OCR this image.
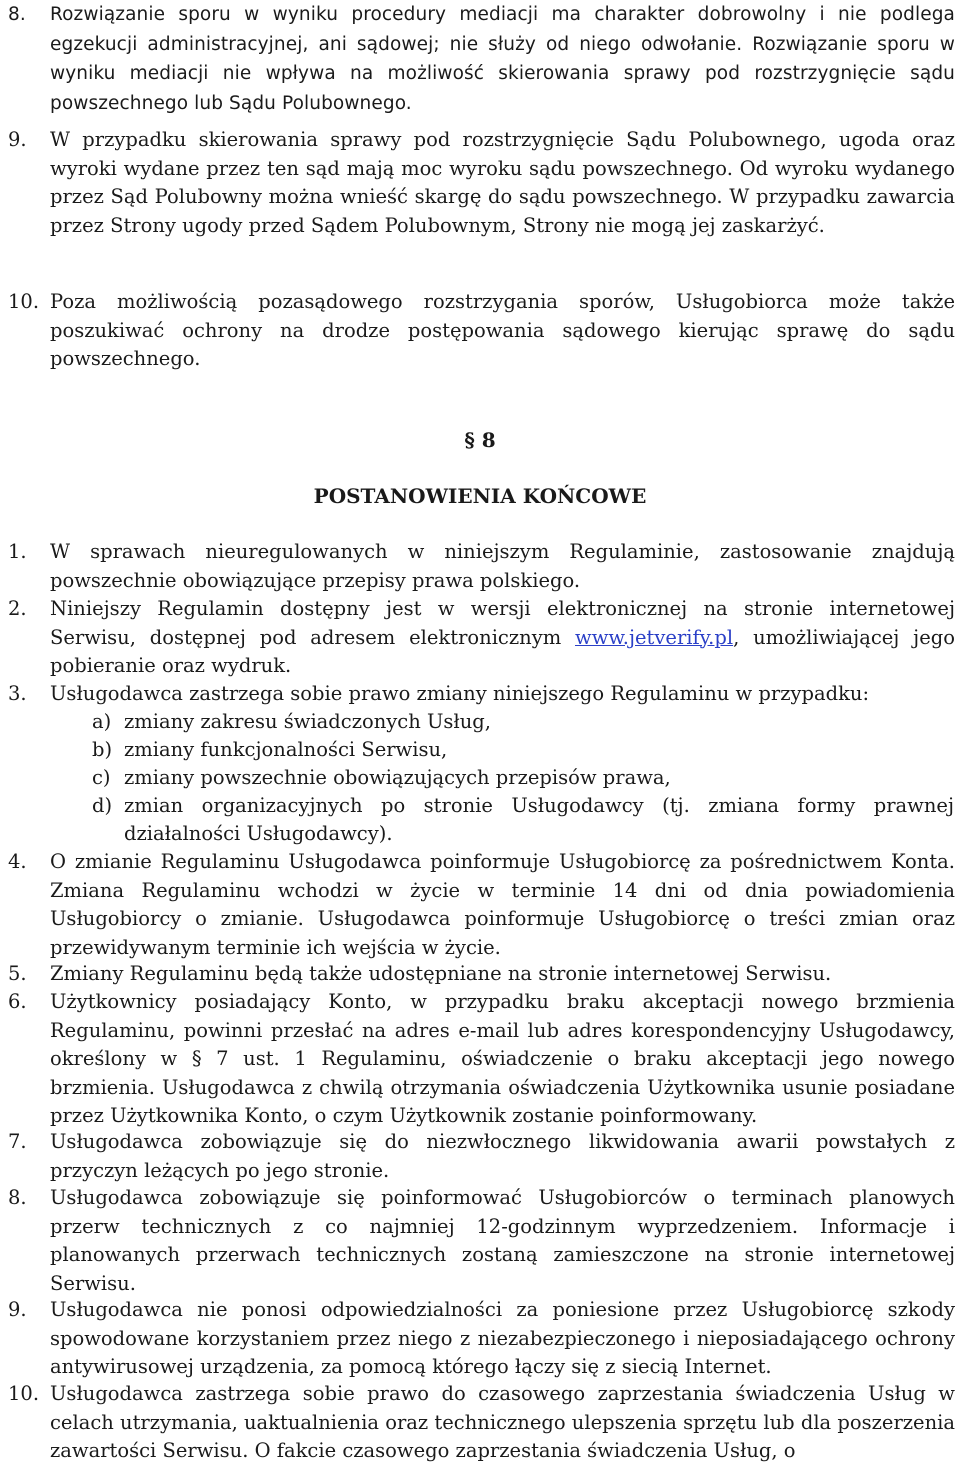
8. Rozwiązanie sporu w wyniku procedury mediacji ma charakter dobrowolny i nie podlega egzekucji administracyjnej, ani sądowej; nie służy od niego odwołanie. Rozwiązanie sporu w wyniku mediacji nie wpływa na możliwość skierowania sprawy pod rozstrzygnięcie sądu powszechnego lub Sądu Polubownego.
9. W przypadku skierowania sprawy pod rozstrzygnięcie Sądu Polubownego, ugoda oraz wyroki wydane przez ten sąd mają moc wyroku sądu powszechnego. Od wyroku wydanego przez Sąd Polubowny można wnieść skargę do sądu powszechnego. W przypadku zawarcia przez Strony ugody przed Sądem Polubownym, Strony nie mogą jej zaskarżyć.
10. Poza możliwością pozasądowego rozstrzygania sporów, Usługobiorca może także poszukiwać ochrony na drodze postępowania sądowego kierując sprawę do sądu powszechnego.
§ 8
POSTANOWIENIA KOŃCOWE
1. W sprawach nieuregulowanych w niniejszym Regulaminie, zastosowanie znajdują powszechnie obowiązujące przepisy prawa polskiego.
2. Niniejszy Regulamin dostępny jest w wersji elektronicznej na stronie internetowej Serwisu, dostępnej pod adresem elektronicznym www.jetverify.pl, umożliwiającej jego pobieranie oraz wydruk.
3. Usługodawca zastrzega sobie prawo zmiany niniejszego Regulaminu w przypadku:
a) zmiany zakresu świadczonych Usług,
b) zmiany funkcjonalności Serwisu,
c) zmiany powszechnie obowiązujących przepisów prawa,
d) zmian organizacyjnych po stronie Usługodawcy (tj. zmiana formy prawnej działalności Usługodawcy).
4. O zmianie Regulaminu Usługodawca poinformuje Usługobiorcę za pośrednictwem Konta. Zmiana Regulaminu wchodzi w życie w terminie 14 dni od dnia powiadomienia Usługobiorcy o zmianie. Usługodawca poinformuje Usługobiorcę o treści zmian oraz przewidywanym terminie ich wejścia w życie.
5. Zmiany Regulaminu będą także udostępniane na stronie internetowej Serwisu.
6. Użytkownicy posiadający Konto, w przypadku braku akceptacji nowego brzmienia Regulaminu, powinni przesłać na adres e-mail lub adres korespondencyjny Usługodawcy, określony w § 7 ust. 1 Regulaminu, oświadczenie o braku akceptacji jego nowego brzmienia. Usługodawca z chwilą otrzymania oświadczenia Użytkownika usunie posiadane przez Użytkownika Konto, o czym Użytkownik zostanie poinformowany.
7. Usługodawca zobowiązuje się do niezwłocznego likwidowania awarii powstałych z przyczyn leżących po jego stronie.
8. Usługodawca zobowiązuje się poinformować Usługobiorców o terminach planowych przerw technicznych z co najmniej 12-godzinnym wyprzedzeniem. Informacje i planowanych przerwach technicznych zostaną zamieszczone na stronie internetowej Serwisu.
9. Usługodawca nie ponosi odpowiedzialności za poniesione przez Usługobiorcę szkody spowodowane korzystaniem przez niego z niezabezpieczonego i nieposiadającego ochrony antywirusowej urządzenia, za pomocą którego łączy się z siecią Internet.
10. Usługodawca zastrzega sobie prawo do czasowego zaprzestania świadczenia Usług w celach utrzymania, uaktualnienia oraz technicznego ulepszenia sprzętu lub dla poszerzenia zawartości Serwisu. O fakcie czasowego zaprzestania świadczenia Usług, o
